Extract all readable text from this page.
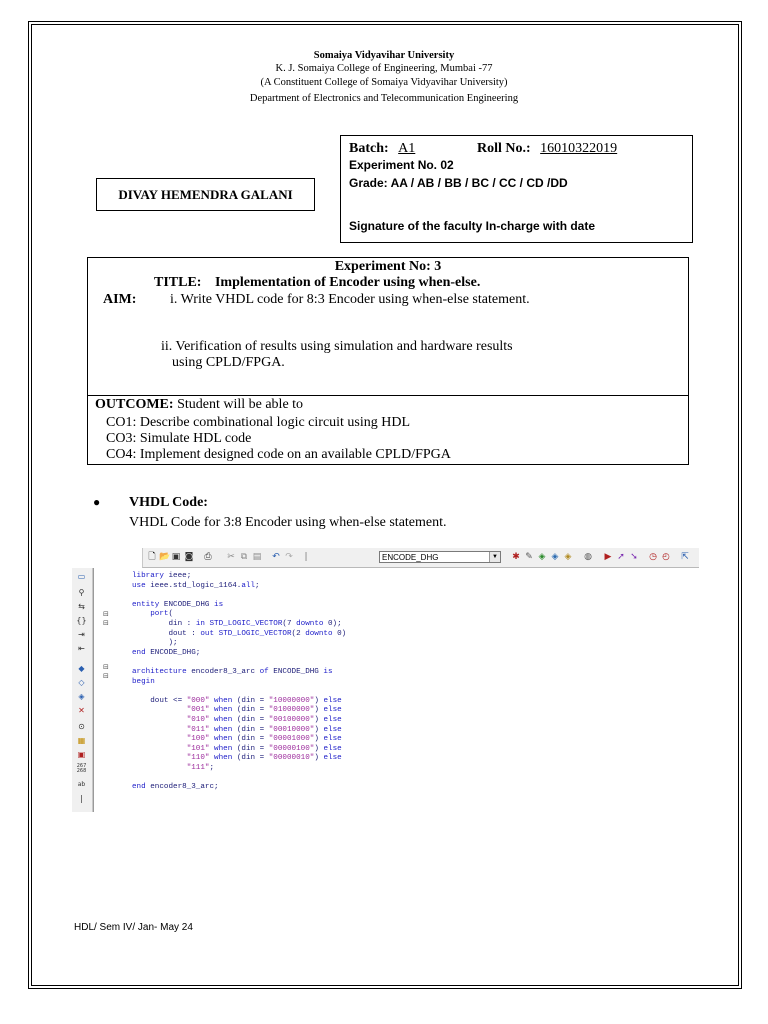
Somaiya Vidyavihar University
K. J. Somaiya College of Engineering, Mumbai -77
(A Constituent College of Somaiya Vidyavihar University)
Department of Electronics and Telecommunication Engineering
DIVAY HEMENDRA GALANI
Batch: A1	Roll No.: 16010322019
Experiment No. 02
Grade: AA / AB / BB / BC / CC / CD /DD
Signature of the faculty In-charge with date
Experiment No: 3
TITLE: Implementation of Encoder using when-else.
AIM: i. Write VHDL code for 8:3 Encoder using when-else statement.
ii. Verification of results using simulation and hardware results
using CPLD/FPGA.
OUTCOME: Student will be able to
CO1: Describe combinational logic circuit using HDL
CO3: Simulate HDL code
CO4: Implement designed code on an available CPLD/FPGA
● VHDL Code:
VHDL Code for 3:8 Encoder using when-else statement.
🗋 📂 ▣ ◙ ⎙ ✂ ⧉ ▤ ↶ ↷	|	ENCODE_DHG	▼ ✱ ✎ ◈ ◈ ◈ ◍ ▶ ➚ ➘ ◷ ◴ ⇱
▭
⚲
⇆
{}
⇥
⇤
◆
◇
◈
✕
⊙
▦
▣
267
268
ab
|
⊟
⊟
⊟
⊟
library ieee;
use ieee.std_logic_1164.all;
entity ENCODE_DHG is
port(
din : in STD_LOGIC_VECTOR(7 downto 0);
dout : out STD_LOGIC_VECTOR(2 downto 0)
);
end ENCODE_DHG;
architecture encoder8_3_arc of ENCODE_DHG is
begin
dout <= "000" when (din = "10000000") else
"001" when (din = "01000000") else
"010" when (din = "00100000") else
"011" when (din = "00010000") else
"100" when (din = "00001000") else
"101" when (din = "00000100") else
"110" when (din = "00000010") else
"111";
end encoder8_3_arc;
HDL/ Sem IV/ Jan- May 24
